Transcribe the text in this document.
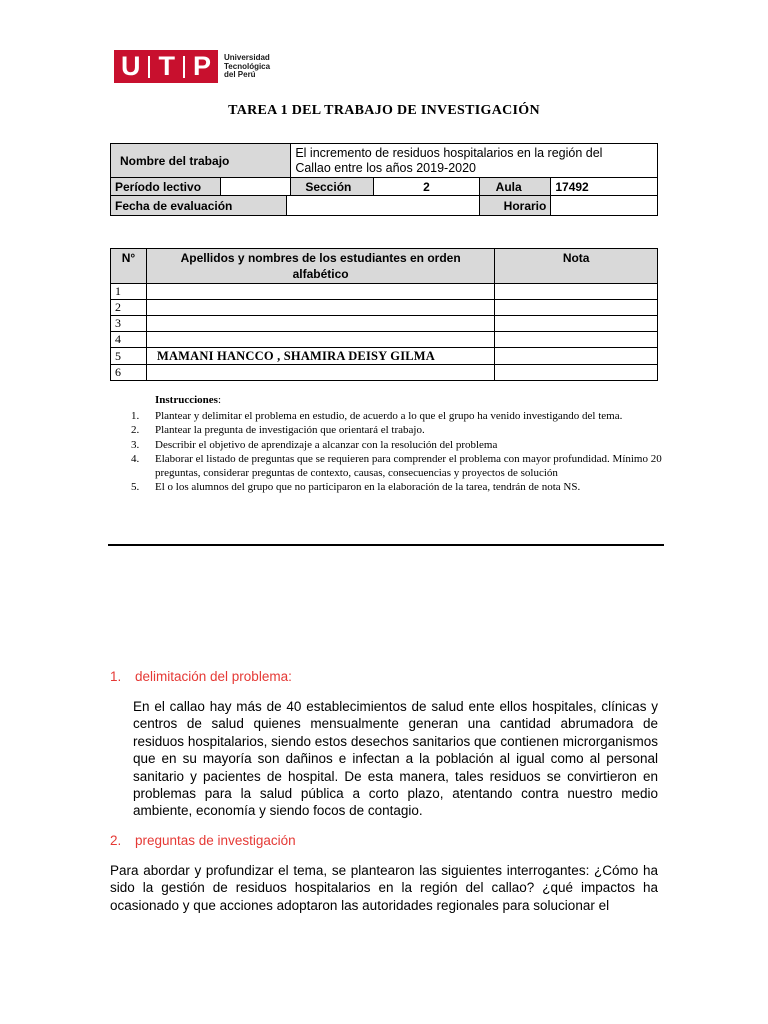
U T P Universidad
Tecnológica
del Perú
TAREA 1 DEL TRABAJO DE INVESTIGACIÓN
Nombre del trabajo			El incremento de residuos hospitalarios en la región del Callao entre los años 2019-2020			
Período lectivo			Sección	2	Aula	17492
Fecha de evaluación					Horario	
N°	Apellidos y nombres de los estudiantes en orden alfabético	Nota
1		
2		
3		
4		
5	MAMANI HANCCO , SHAMIRA DEISY GILMA	
6		
Instrucciones:
1.	Plantear y delimitar el problema en estudio, de acuerdo a lo que el grupo ha venido investigando del tema.
2.	Plantear la pregunta de investigación que orientará el trabajo.
3.	Describir el objetivo de aprendizaje a alcanzar con la resolución del problema
4.	Elaborar el listado de preguntas que se requieren para comprender el problema con mayor profundidad. Mínimo 20 preguntas, considerar preguntas de contexto, causas, consecuencias y proyectos de solución
5.	El o los alumnos del grupo que no participaron en la elaboración de la tarea, tendrán de nota NS.
1.	delimitación del problema:
En el callao hay más de 40 establecimientos de salud ente ellos hospitales, clínicas y centros de salud quienes mensualmente generan una cantidad abrumadora de residuos hospitalarios, siendo estos desechos sanitarios que contienen microrganismos que en su mayoría son dañinos e infectan a la población al igual como al personal sanitario y pacientes de hospital. De esta manera, tales residuos se convirtieron en problemas para la salud pública a corto plazo, atentando contra nuestro medio ambiente, economía y siendo focos de contagio.
2.	preguntas de investigación
Para abordar y profundizar el tema, se plantearon las siguientes interrogantes: ¿Cómo ha sido la gestión de residuos hospitalarios en la región del callao? ¿qué impactos ha ocasionado y que acciones adoptaron las autoridades regionales para solucionar el
